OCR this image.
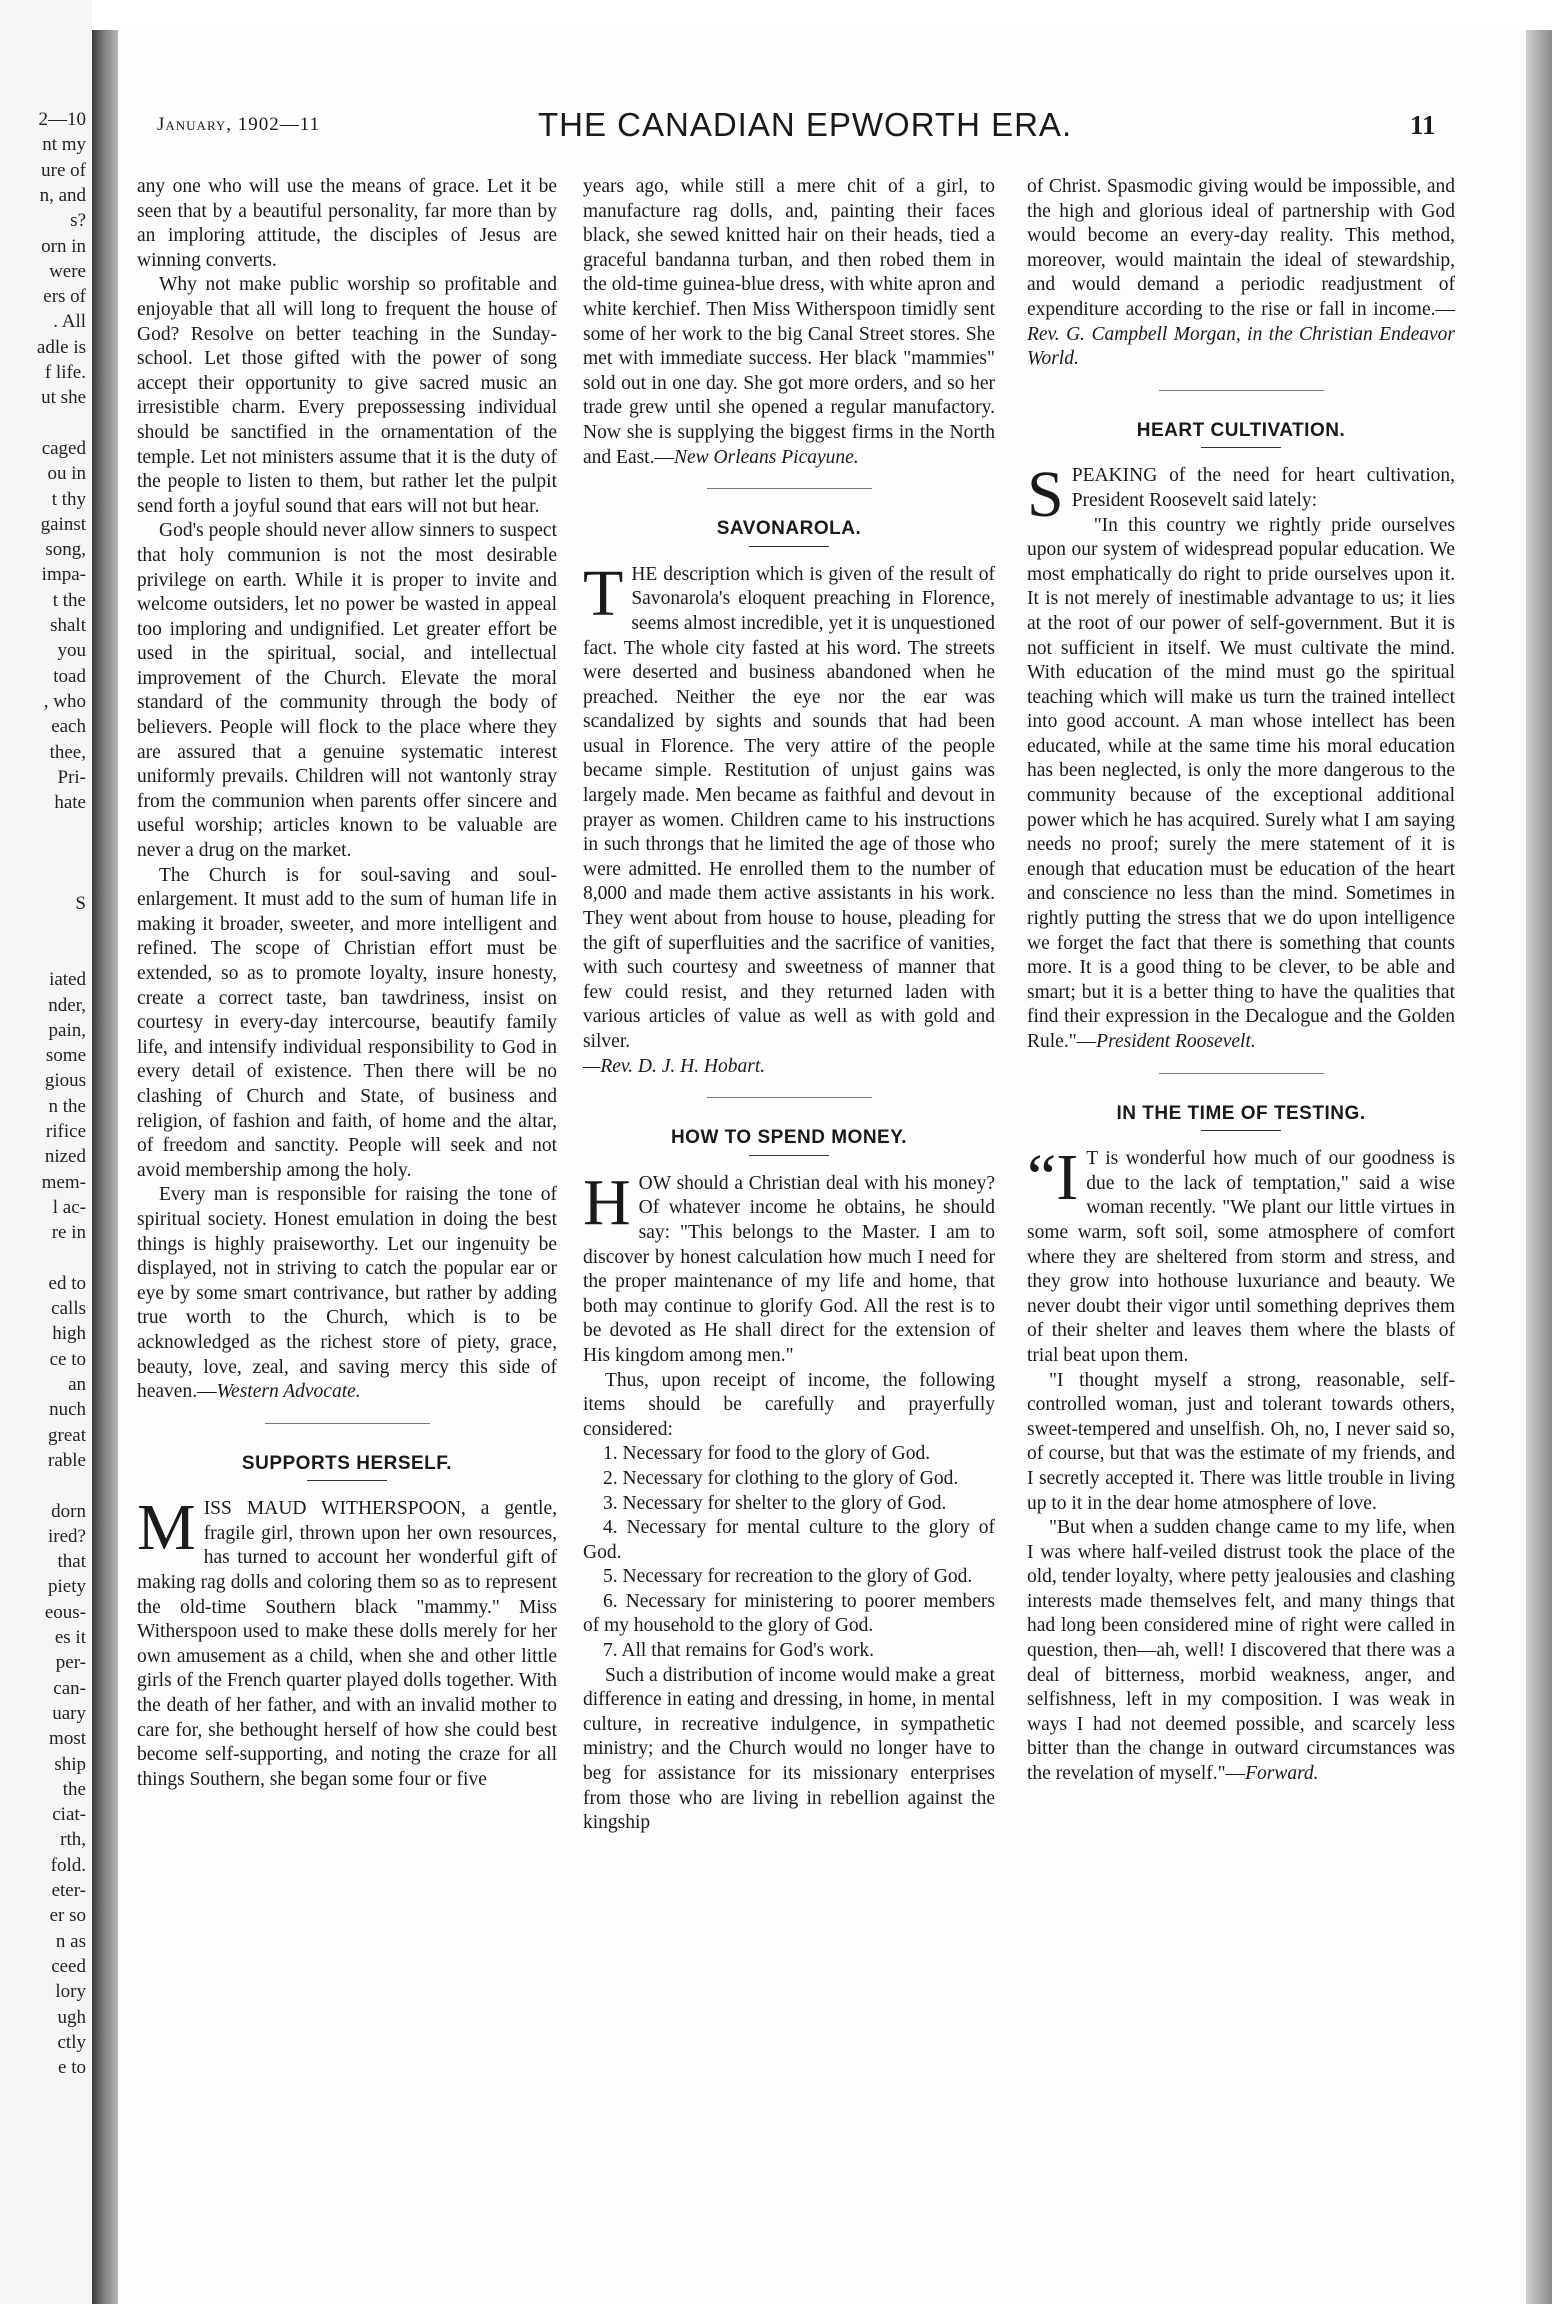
2—10
nt my
ure of
n, and
s?
orn in
were
ers of
. All
adle is
f life.
ut she
caged
ou in
t thy
gainst
song,
impa-
t the
shalt
you
toad
, who
each
thee,
Pri-
hate
S
iated
nder,
pain,
some
gious
n the
rifice
nized
mem-
l ac-
re in
ed to
calls
high
ce to
an
nuch
great
rable
dorn
ired?
that
piety
eous-
es it
per-
can-
uary
most
ship
the
ciat-
rth,
fold.
eter-
er so
n as
ceed
lory
ugh
ctly
e to
January, 1902—11	THE CANADIAN EPWORTH ERA.	11

any one who will use the means of grace. Let it be seen that by a beautiful personality, far more than by an imploring attitude, the disciples of Jesus are winning converts.

Why not make public worship so profitable and enjoyable that all will long to frequent the house of God? Resolve on better teaching in the Sunday-school. Let those gifted with the power of song accept their opportunity to give sacred music an irresistible charm. Every prepossessing individual should be sanctified in the ornamentation of the temple. Let not ministers assume that it is the duty of the people to listen to them, but rather let the pulpit send forth a joyful sound that ears will not but hear.

God's people should never allow sinners to suspect that holy communion is not the most desirable privilege on earth. While it is proper to invite and welcome outsiders, let no power be wasted in appeal too imploring and undignified. Let greater effort be used in the spiritual, social, and intellectual improvement of the Church. Elevate the moral standard of the community through the body of believers. People will flock to the place where they are assured that a genuine systematic interest uniformly prevails. Children will not wantonly stray from the communion when parents offer sincere and useful worship; articles known to be valuable are never a drug on the market.

The Church is for soul-saving and soul-enlargement. It must add to the sum of human life in making it broader, sweeter, and more intelligent and refined. The scope of Christian effort must be extended, so as to promote loyalty, insure honesty, create a correct taste, ban tawdriness, insist on courtesy in every-day intercourse, beautify family life, and intensify individual responsibility to God in every detail of existence. Then there will be no clashing of Church and State, of business and religion, of fashion and faith, of home and the altar, of freedom and sanctity. People will seek and not avoid membership among the holy.

Every man is responsible for raising the tone of spiritual society. Honest emulation in doing the best things is highly praiseworthy. Let our ingenuity be displayed, not in striving to catch the popular ear or eye by some smart contrivance, but rather by adding true worth to the Church, which is to be acknowledged as the richest store of piety, grace, beauty, love, zeal, and saving mercy this side of heaven.—Western Advocate.

SUPPORTS HERSELF.

MISS MAUD WITHERSPOON, a gentle, fragile girl, thrown upon her own resources, has turned to account her wonderful gift of making rag dolls and coloring them so as to represent the old-time Southern black "mammy." Miss Witherspoon used to make these dolls merely for her own amusement as a child, when she and other little girls of the French quarter played dolls together. With the death of her father, and with an invalid mother to care for, she bethought herself of how she could best become self-supporting, and noting the craze for all things Southern, she began some four or five

years ago, while still a mere chit of a girl, to manufacture rag dolls, and, painting their faces black, she sewed knitted hair on their heads, tied a graceful bandanna turban, and then robed them in the old-time guinea-blue dress, with white apron and white kerchief. Then Miss Witherspoon timidly sent some of her work to the big Canal Street stores. She met with immediate success. Her black "mammies" sold out in one day. She got more orders, and so her trade grew until she opened a regular manufactory. Now she is supplying the biggest firms in the North and East.—New Orleans Picayune.

SAVONAROLA.

THE description which is given of the result of Savonarola's eloquent preaching in Florence, seems almost incredible, yet it is unquestioned fact. The whole city fasted at his word. The streets were deserted and business abandoned when he preached. Neither the eye nor the ear was scandalized by sights and sounds that had been usual in Florence. The very attire of the people became simple. Restitution of unjust gains was largely made. Men became as faithful and devout in prayer as women. Children came to his instructions in such throngs that he limited the age of those who were admitted. He enrolled them to the number of 8,000 and made them active assistants in his work. They went about from house to house, pleading for the gift of superfluities and the sacrifice of vanities, with such courtesy and sweetness of manner that few could resist, and they returned laden with various articles of value as well as with gold and silver.
—Rev. D. J. H. Hobart.

HOW TO SPEND MONEY.

HOW should a Christian deal with his money? Of whatever income he obtains, he should say: "This belongs to the Master. I am to discover by honest calculation how much I need for the proper maintenance of my life and home, that both may continue to glorify God. All the rest is to be devoted as He shall direct for the extension of His kingdom among men."

Thus, upon receipt of income, the following items should be carefully and prayerfully considered:

1. Necessary for food to the glory of God.

2. Necessary for clothing to the glory of God.

3. Necessary for shelter to the glory of God.

4. Necessary for mental culture to the glory of God.

5. Necessary for recreation to the glory of God.

6. Necessary for ministering to poorer members of my household to the glory of God.

7. All that remains for God's work.

Such a distribution of income would make a great difference in eating and dressing, in home, in mental culture, in recreative indulgence, in sympathetic ministry; and the Church would no longer have to beg for assistance for its missionary enterprises from those who are living in rebellion against the kingship

of Christ. Spasmodic giving would be impossible, and the high and glorious ideal of partnership with God would become an every-day reality. This method, moreover, would maintain the ideal of stewardship, and would demand a periodic readjustment of expenditure according to the rise or fall in income.—Rev. G. Campbell Morgan, in the Christian Endeavor World.

HEART CULTIVATION.

SPEAKING of the need for heart cultivation, President Roosevelt said lately:

"In this country we rightly pride ourselves upon our system of widespread popular education. We most emphatically do right to pride ourselves upon it. It is not merely of inestimable advantage to us; it lies at the root of our power of self-government. But it is not sufficient in itself. We must cultivate the mind. With education of the mind must go the spiritual teaching which will make us turn the trained intellect into good account. A man whose intellect has been educated, while at the same time his moral education has been neglected, is only the more dangerous to the community because of the exceptional additional power which he has acquired. Surely what I am saying needs no proof; surely the mere statement of it is enough that education must be education of the heart and conscience no less than the mind. Sometimes in rightly putting the stress that we do upon intelligence we forget the fact that there is something that counts more. It is a good thing to be clever, to be able and smart; but it is a better thing to have the qualities that find their expression in the Decalogue and the Golden Rule."—President Roosevelt.

IN THE TIME OF TESTING.

“I T is wonderful how much of our goodness is due to the lack of temptation," said a wise woman recently. "We plant our little virtues in some warm, soft soil, some atmosphere of comfort where they are sheltered from storm and stress, and they grow into hothouse luxuriance and beauty. We never doubt their vigor until something deprives them of their shelter and leaves them where the blasts of trial beat upon them.

"I thought myself a strong, reasonable, self-controlled woman, just and tolerant towards others, sweet-tempered and unselfish. Oh, no, I never said so, of course, but that was the estimate of my friends, and I secretly accepted it. There was little trouble in living up to it in the dear home atmosphere of love.

"But when a sudden change came to my life, when I was where half-veiled distrust took the place of the old, tender loyalty, where petty jealousies and clashing interests made themselves felt, and many things that had long been considered mine of right were called in question, then—ah, well! I discovered that there was a deal of bitterness, morbid weakness, anger, and selfishness, left in my composition. I was weak in ways I had not deemed possible, and scarcely less bitter than the change in outward circumstances was the revelation of myself."—Forward.
